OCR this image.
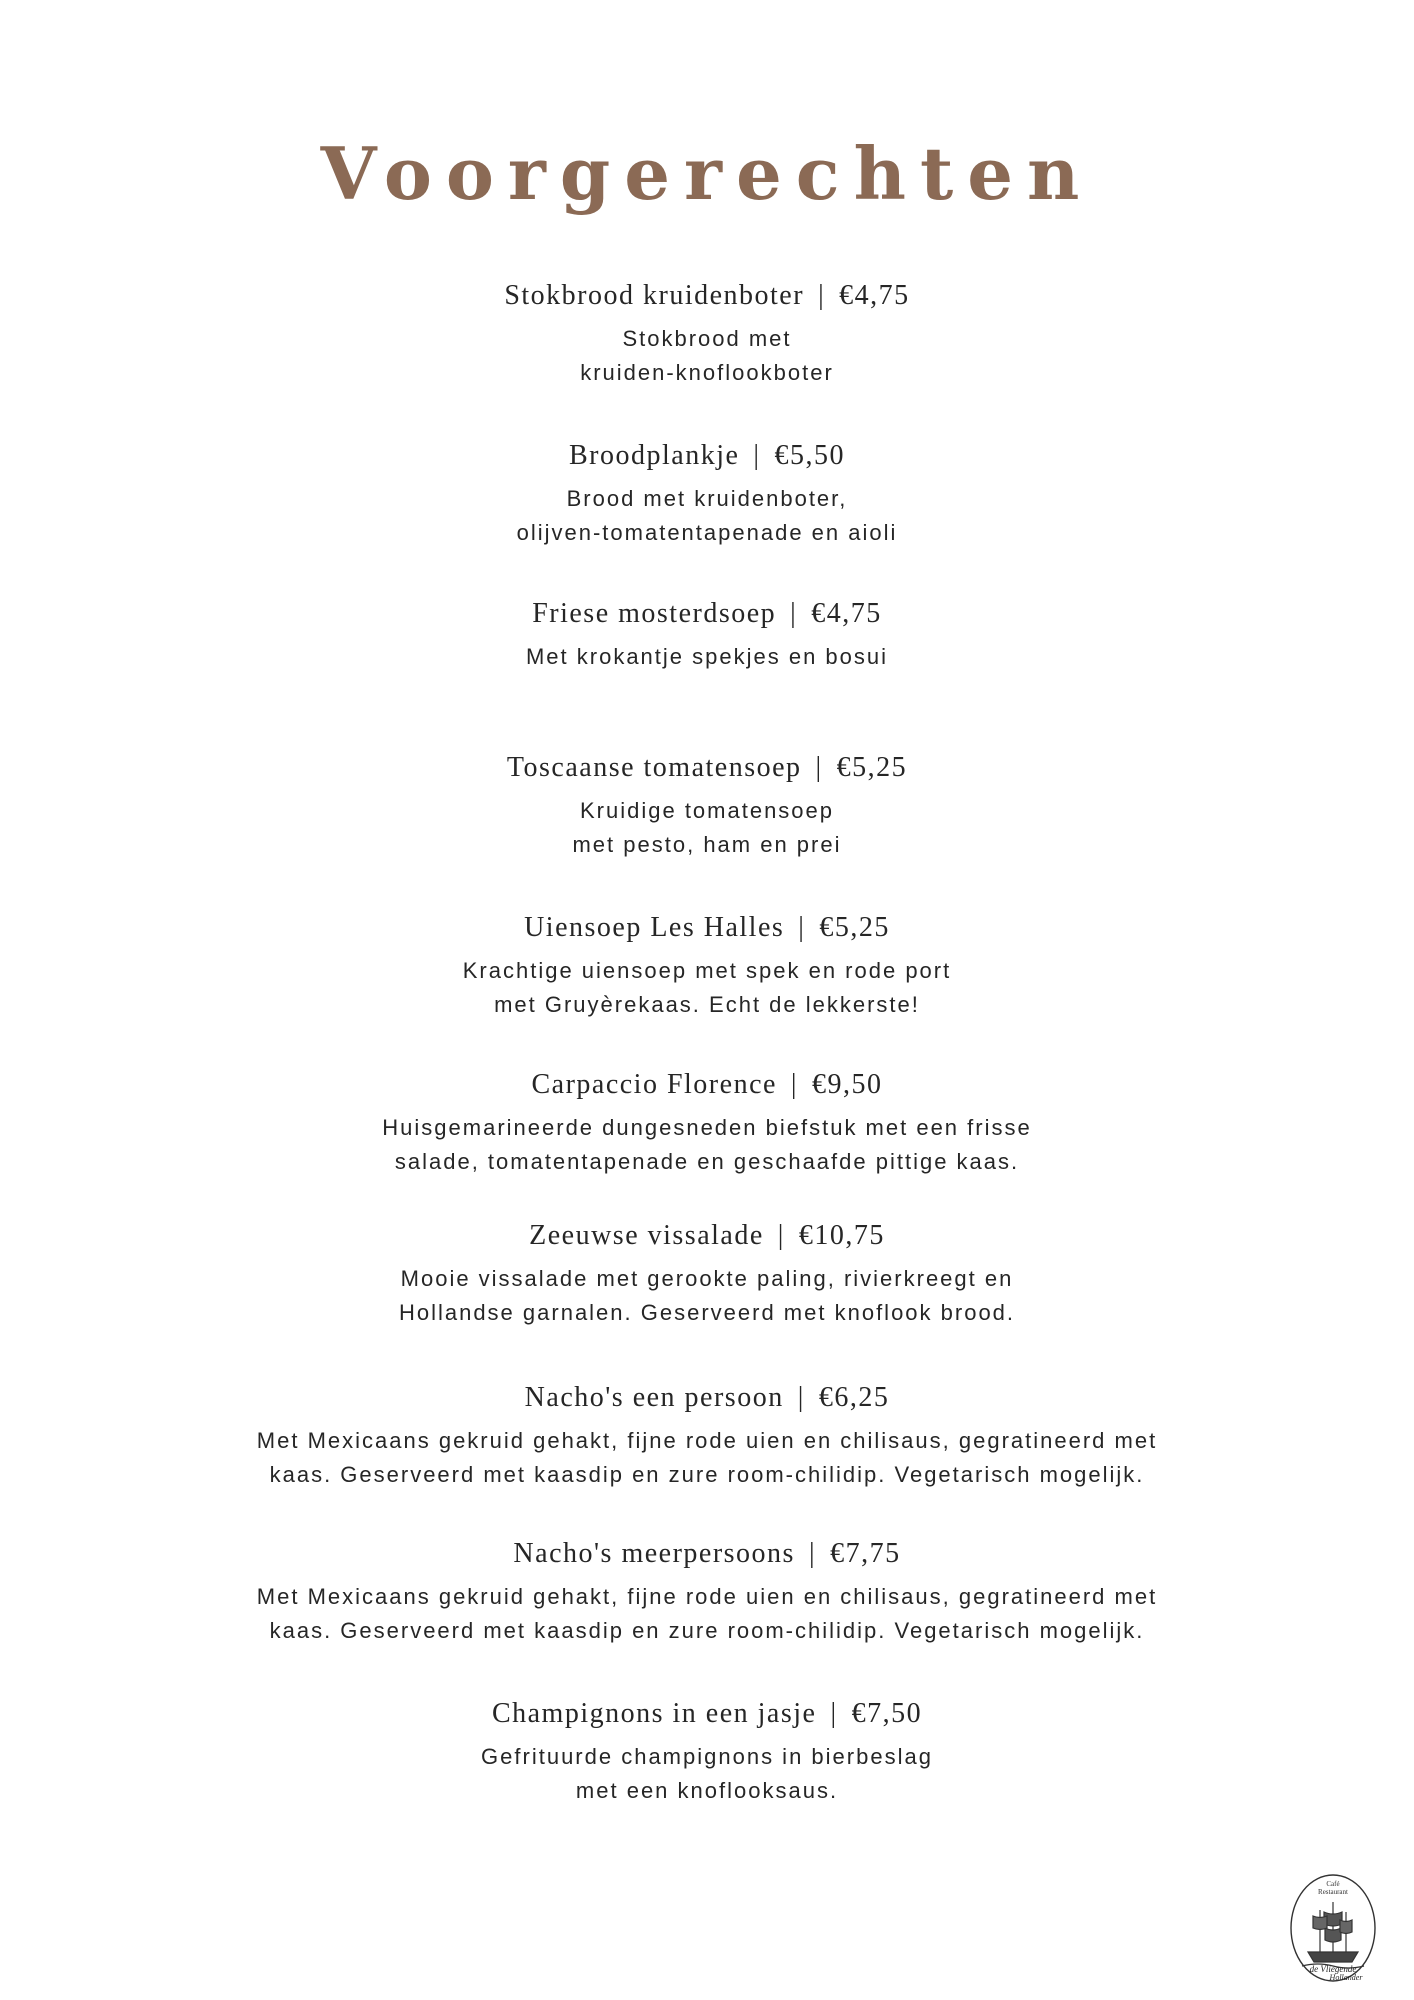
Voorgerechten
Stokbrood kruidenboter | €4,75
Stokbrood met
kruiden-knoflookboter
Broodplankje | €5,50
Brood met kruidenboter,
olijven-tomatentapenade en aioli
Friese mosterdsoep | €4,75
Met krokantje spekjes en bosui
Toscaanse tomatensoep | €5,25
Kruidige tomatensoep
met pesto, ham en prei
Uiensoep Les Halles | €5,25
Krachtige uiensoep met spek en rode port
met Gruyèrekaas. Echt de lekkerste!
Carpaccio Florence | €9,50
Huisgemarineerde dungesneden biefstuk met een frisse
salade, tomatentapenade en geschaafde pittige kaas.
Zeeuwse vissalade | €10,75
Mooie vissalade met gerookte paling, rivierkreegt en
Hollandse garnalen. Geserveerd met knoflook brood.
Nacho's een persoon | €6,25
Met Mexicaans gekruid gehakt, fijne rode uien en chilisaus, gegratineerd met
kaas. Geserveerd met kaasdip en zure room-chilidip. Vegetarisch mogelijk.
Nacho's meerpersoons | €7,75
Met Mexicaans gekruid gehakt, fijne rode uien en chilisaus, gegratineerd met
kaas. Geserveerd met kaasdip en zure room-chilidip. Vegetarisch mogelijk.
Champignons in een jasje | €7,50
Gefrituurde champignons in bierbeslag
met een knoflooksaus.
Café
Restaurant
de Vliegende
Hollander
